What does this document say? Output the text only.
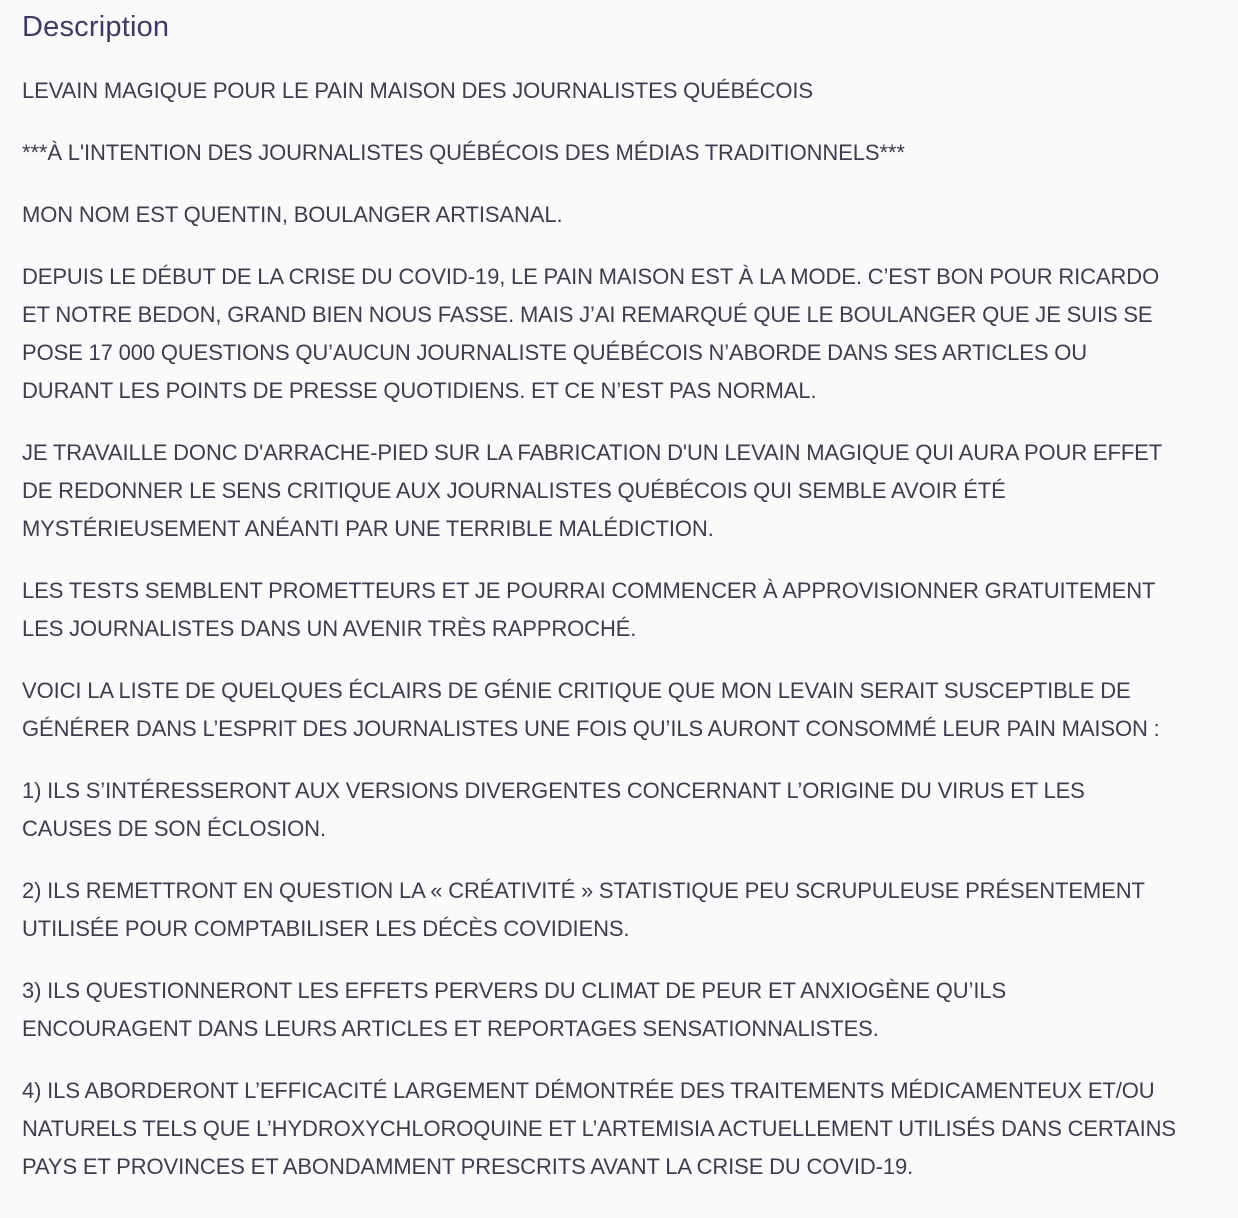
Description

LEVAIN MAGIQUE POUR LE PAIN MAISON DES JOURNALISTES QUÉBÉCOIS

***À L'INTENTION DES JOURNALISTES QUÉBÉCOIS DES MÉDIAS TRADITIONNELS***

MON NOM EST QUENTIN, BOULANGER ARTISANAL.

DEPUIS LE DÉBUT DE LA CRISE DU COVID-19, LE PAIN MAISON EST À LA MODE. C’EST BON POUR RICARDO ET NOTRE BEDON, GRAND BIEN NOUS FASSE. MAIS J’AI REMARQUÉ QUE LE BOULANGER QUE JE SUIS SE POSE 17 000 QUESTIONS QU’AUCUN JOURNALISTE QUÉBÉCOIS N’ABORDE DANS SES ARTICLES OU DURANT LES POINTS DE PRESSE QUOTIDIENS. ET CE N’EST PAS NORMAL.

JE TRAVAILLE DONC D'ARRACHE-PIED SUR LA FABRICATION D'UN LEVAIN MAGIQUE QUI AURA POUR EFFET DE REDONNER LE SENS CRITIQUE AUX JOURNALISTES QUÉBÉCOIS QUI SEMBLE AVOIR ÉTÉ MYSTÉRIEUSEMENT ANÉANTI PAR UNE TERRIBLE MALÉDICTION.

LES TESTS SEMBLENT PROMETTEURS ET JE POURRAI COMMENCER À APPROVISIONNER GRATUITEMENT LES JOURNALISTES DANS UN AVENIR TRÈS RAPPROCHÉ.

VOICI LA LISTE DE QUELQUES ÉCLAIRS DE GÉNIE CRITIQUE QUE MON LEVAIN SERAIT SUSCEPTIBLE DE GÉNÉRER DANS L’ESPRIT DES JOURNALISTES UNE FOIS QU’ILS AURONT CONSOMMÉ LEUR PAIN MAISON :

1) ILS S’INTÉRESSERONT AUX VERSIONS DIVERGENTES CONCERNANT L’ORIGINE DU VIRUS ET LES CAUSES DE SON ÉCLOSION.

2) ILS REMETTRONT EN QUESTION LA « CRÉATIVITÉ » STATISTIQUE PEU SCRUPULEUSE PRÉSENTEMENT UTILISÉE POUR COMPTABILISER LES DÉCÈS COVIDIENS.

3) ILS QUESTIONNERONT LES EFFETS PERVERS DU CLIMAT DE PEUR ET ANXIOGÈNE QU’ILS ENCOURAGENT DANS LEURS ARTICLES ET REPORTAGES SENSATIONNALISTES.

4) ILS ABORDERONT L’EFFICACITÉ LARGEMENT DÉMONTRÉE DES TRAITEMENTS MÉDICAMENTEUX ET/OU NATURELS TELS QUE L’HYDROXYCHLOROQUINE ET L’ARTEMISIA ACTUELLEMENT UTILISÉS DANS CERTAINS PAYS ET PROVINCES ET ABONDAMMENT PRESCRITS AVANT LA CRISE DU COVID-19.
